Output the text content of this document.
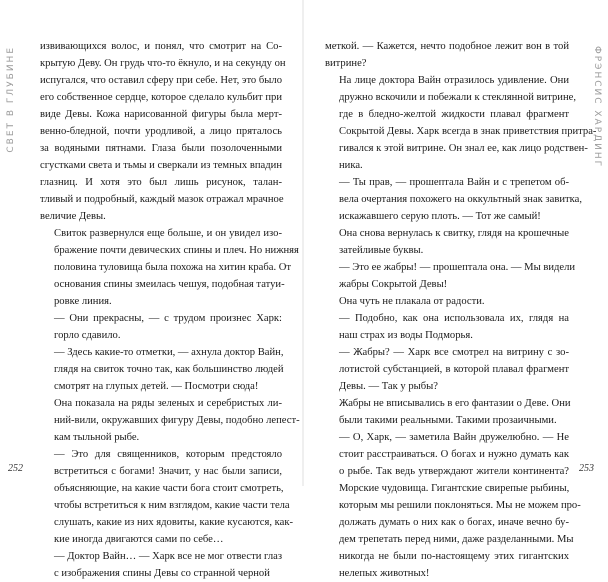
СВЕТ В ГЛУБИНЕ извивающихся волос, и понял, что смотрит на Со-
крытую Деву. Он грудь что-то ёкнуло, и на секунду он
испугался, что оставил сферу при себе. Нет, это было
его собственное сердце, которое сделало кульбит при
виде Девы. Кожа нарисованной фигуры была мерт-
венно-бледной, почти уродливой, а лицо пряталось
за водяными пятнами. Глаза были позолоченными
сгустками света и тьмы и сверкали из темных впадин
глазниц. И хотя это был лишь рисунок, талан-
тливый и подробный, каждый мазок отражал мрачное
величие Девы.

Свиток развернулся еще больше, и он увидел изо-
бражение почти девических спины и плеч. Но нижняя
половина туловища была похожа на хитин краба. От
основания спины змеилась чешуя, подобная татуи-
ровке линия.

— Они прекрасны, — с трудом произнес Харк:
горло сдавило.

— Здесь какие-то отметки, — ахнула доктор Вайн,
глядя на свиток точно так, как большинство людей
смотрят на глупых детей. — Посмотри сюда!

Она показала на ряды зеленых и серебристых ли-
ний-вили, окружавших фигуру Девы, подобно лепест-
кам тыльной рыбе.

— Это для священников, которым предстояло
встретиться с богами! Значит, у нас были записи,
объясняющие, на какие части бога стоит смотреть,
чтобы встретиться к ним взглядом, какие части тела
слушать, какие из них ядовиты, какие кусаются, как-
кие иногда двигаются сами по себе…

— Доктор Вайн… — Харк все не мог отвести глаз
с изображения спины Девы со странной черной

252
ФРЭНСИС ХАРДИНГ

меткой. — Кажется, нечто подобное лежит вон в той
витрине?

На лице доктора Вайн отразилось удивление. Они
дружно вскочили и побежали к стеклянной витрине,
где в бледно-желтой жидкости плавал фрагмент
Сокрытой Девы. Харк всегда в знак приветствия притра-
гивался к этой витрине. Он знал ее, как лицо родствен-
ника.

— Ты прав, — прошептала Вайн и с трепетом об-
вела очертания похожего на оккультный знак завитка,
искажавшего серую плоть. — Тот же самый!

Она снова вернулась к свитку, глядя на крошечные
затейливые буквы.

— Это ее жабры! — прошептала она. — Мы видели
жабры Сокрытой Девы!

Она чуть не плакала от радости.

— Подобно, как она использовала их, глядя на
наш страх из воды Подморья.

— Жабры? — Харк все смотрел на витрину с зо-
лотистой субстанцией, в которой плавал фрагмент
Девы. — Так у рыбы?

Жабры не вписывались в его фантазии о Деве. Они
были такими реальными. Такими прозаичными.

— О, Харк, — заметила Вайн дружелюбно. — Не
стоит расстраиваться. О богах и нужно думать как
о рыбе. Так ведь утверждают жители континента?
Морские чудовища. Гигантские свирепые рыбины,
которым мы решили поклоняться. Мы не можем про-
должать думать о них как о богах, иначе вечно бу-
дем трепетать перед ними, даже разделанными. Мы
никогда не были по-настоящему этих гигантских
нелепых животных!

253
